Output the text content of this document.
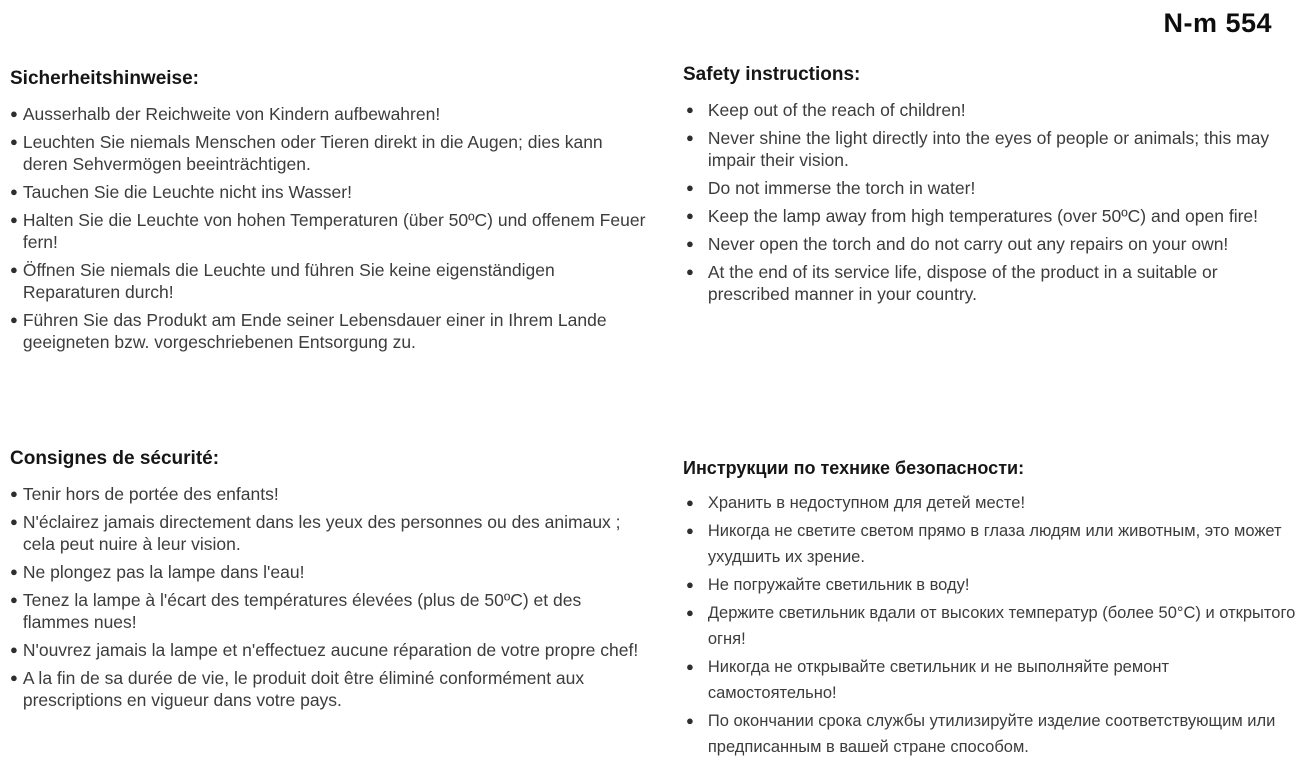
N-m 554
Sicherheitshinweise:
● Ausserhalb der Reichweite von Kindern aufbewahren!
● Leuchten Sie niemals Menschen oder Tieren direkt in die Augen; dies kann deren Sehvermögen beeinträchtigen.
● Tauchen Sie die Leuchte nicht ins Wasser!
● Halten Sie die Leuchte von hohen Temperaturen (über 50ºC) und offenem Feuer fern!
● Öffnen Sie niemals die Leuchte und führen Sie keine eigenständigen Reparaturen durch!
● Führen Sie das Produkt am Ende seiner Lebensdauer einer in Ihrem Lande geeigneten bzw. vorgeschriebenen Entsorgung zu.
Safety instructions:
● Keep out of the reach of children!
● Never shine the light directly into the eyes of people or animals; this may impair their vision.
● Do not immerse the torch in water!
● Keep the lamp away from high temperatures (over 50ºC) and open fire!
● Never open the torch and do not carry out any repairs on your own!
● At the end of its service life, dispose of the product in a suitable or prescribed manner in your country.
Consignes de sécurité:
● Tenir hors de portée des enfants!
● N'éclairez jamais directement dans les yeux des personnes ou des animaux ; cela peut nuire à leur vision.
● Ne plongez pas la lampe dans l'eau!
● Tenez la lampe à l'écart des températures élevées (plus de 50ºC) et des flammes nues!
● N'ouvrez jamais la lampe et n'effectuez aucune réparation de votre propre chef!
● A la fin de sa durée de vie, le produit doit être éliminé conformément aux prescriptions en vigueur dans votre pays.
Инструкции по технике безопасности:
● Хранить в недоступном для детей месте!
● Никогда не светите светом прямо в глаза людям или животным, это может ухудшить их зрение.
● Не погружайте светильник в воду!
● Держите светильник вдали от высоких температур (более 50°C) и открытого огня!
● Никогда не открывайте светильник и не выполняйте ремонт самостоятельно!
● По окончании срока службы утилизируйте изделие соответствующим или предписанным в вашей стране способом.
